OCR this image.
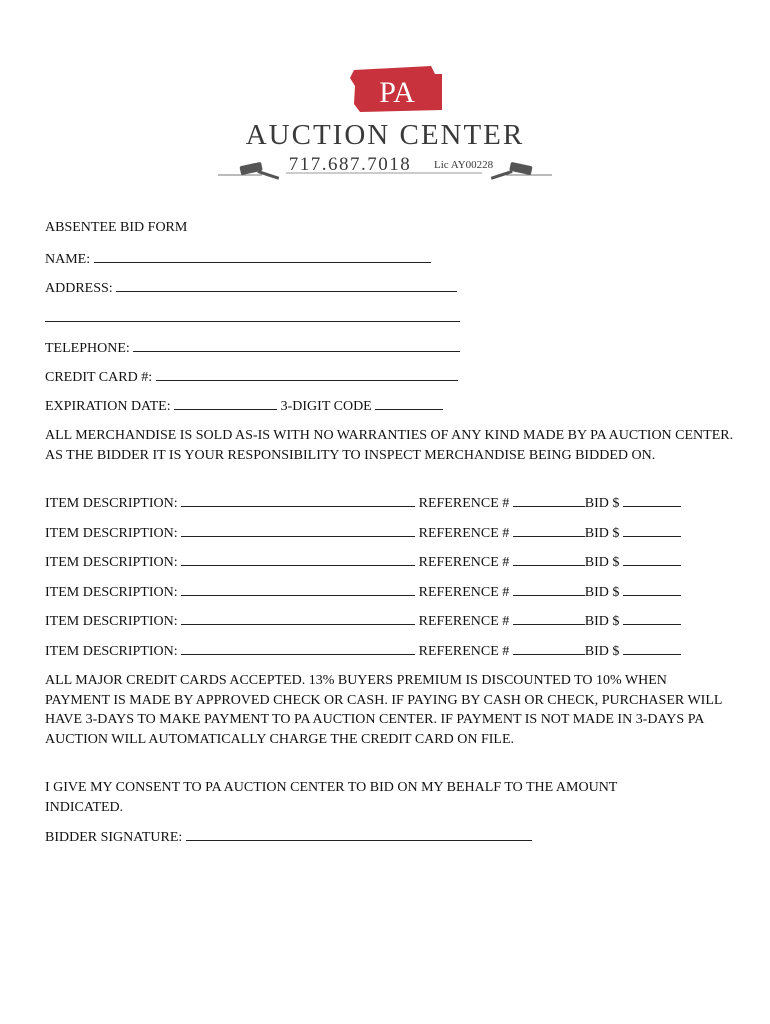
PA
AUCTION CENTER
717.687.7018 Lic AY00228
ABSENTEE BID FORM
NAME:
ADDRESS:
TELEPHONE:
CREDIT CARD #:
EXPIRATION DATE:	3-DIGIT CODE
ALL MERCHANDISE IS SOLD AS-IS WITH NO WARRANTIES OF ANY KIND MADE BY PA AUCTION CENTER. AS THE BIDDER IT IS YOUR RESPONSIBILITY TO INSPECT MERCHANDISE BEING BIDDED ON.
ITEM DESCRIPTION:	REFERENCE #	BID $
ITEM DESCRIPTION:	REFERENCE #	BID $
ITEM DESCRIPTION:	REFERENCE #	BID $
ITEM DESCRIPTION:	REFERENCE #	BID $
ITEM DESCRIPTION:	REFERENCE #	BID $
ITEM DESCRIPTION:	REFERENCE #	BID $
ALL MAJOR CREDIT CARDS ACCEPTED. 13% BUYERS PREMIUM IS DISCOUNTED TO 10% WHEN PAYMENT IS MADE BY APPROVED CHECK OR CASH. IF PAYING BY CASH OR CHECK, PURCHASER WILL HAVE 3-DAYS TO MAKE PAYMENT TO PA AUCTION CENTER. IF PAYMENT IS NOT MADE IN 3-DAYS PA AUCTION WILL AUTOMATICALLY CHARGE THE CREDIT CARD ON FILE.
I GIVE MY CONSENT TO PA AUCTION CENTER TO BID ON MY BEHALF TO THE AMOUNT INDICATED.
BIDDER SIGNATURE:
